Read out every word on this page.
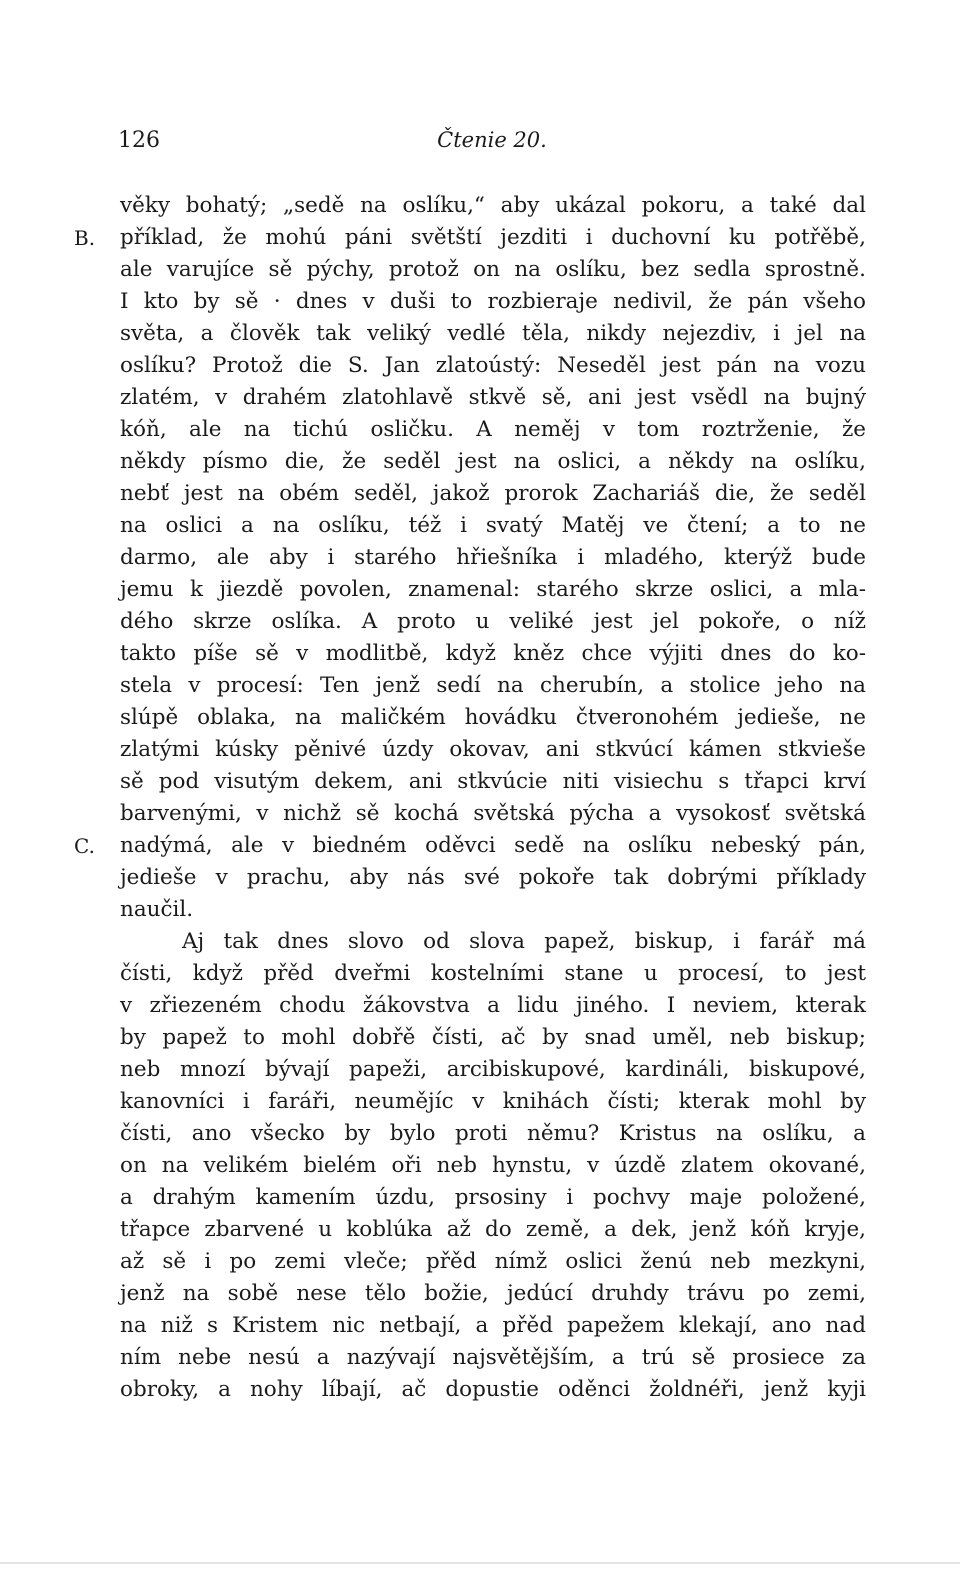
126	Čtenie 20.
věky bohatý; „sedě na oslíku,“ aby ukázal pokoru, a také dal
B. příklad, že mohú páni světští jezditi i duchovní ku potřěbě,
ale varujíce sě pýchy, protož on na oslíku, bez sedla sprostně.
I kto by sě · dnes v duši to rozbieraje nedivil, že pán všeho
světa, a člověk tak veliký vedlé těla, nikdy nejezdiv, i jel na
oslíku? Protož die S. Jan zlatoústý: Neseděl jest pán na vozu
zlatém, v drahém zlatohlavě stkvě sě, ani jest vsědl na bujný
kóň, ale na tichú osličku. A neměj v tom roztrženie, že
někdy písmo die, že seděl jest na oslici, a někdy na oslíku,
nebť jest na obém seděl, jakož prorok Zachariáš die, že seděl
na oslici a na oslíku, též i svatý Matěj ve čtení; a to ne
darmo, ale aby i starého hřiešníka i mladého, kterýž bude
jemu k jiezdě povolen, znamenal: starého skrze oslici, a mla-
dého skrze oslíka. A proto u veliké jest jel pokoře, o níž
takto píše sě v modlitbě, když kněz chce výjiti dnes do ko-
stela v procesí: Ten jenž sedí na cherubín, a stolice jeho na
slúpě oblaka, na maličkém hovádku čtveronohém jedieše, ne
zlatými kúsky pěnivé úzdy okovav, ani stkvúcí kámen stkvieše
sě pod visutým dekem, ani stkvúcie niti visiechu s třapci krví
barvenými, v nichž sě kochá světská pýcha a vysokosť světská
C. nadýmá, ale v biedném oděvci sedě na oslíku nebeský pán,
jedieše v prachu, aby nás své pokoře tak dobrými příklady
naučil.
Aj tak dnes slovo od slova papež, biskup, i farář má
čísti, když přěd dveřmi kostelními stane u procesí, to jest
v zřiezeném chodu žákovstva a lidu jiného. I neviem, kterak
by papež to mohl dobřě čísti, ač by snad uměl, neb biskup;
neb mnozí bývají papeži, arcibiskupové, kardináli, biskupové,
kanovníci i faráři, neumějíc v knihách čísti; kterak mohl by
čísti, ano všecko by bylo proti němu? Kristus na oslíku, a
on na velikém bielém oři neb hynstu, v úzdě zlatem okované,
a drahým kamením úzdu, prsosiny i pochvy maje položené,
třapce zbarvené u koblúka až do země, a dek, jenž kóň kryje,
až sě i po zemi vleče; přěd nímž oslici ženú neb mezkyni,
jenž na sobě nese tělo božie, jedúcí druhdy trávu po zemi,
na niž s Kristem nic netbají, a přěd papežem klekají, ano nad
ním nebe nesú a nazývají najsvětějším, a trú sě prosiece za
obroky, a nohy líbají, ač dopustie oděnci žoldnéři, jenž kyji
